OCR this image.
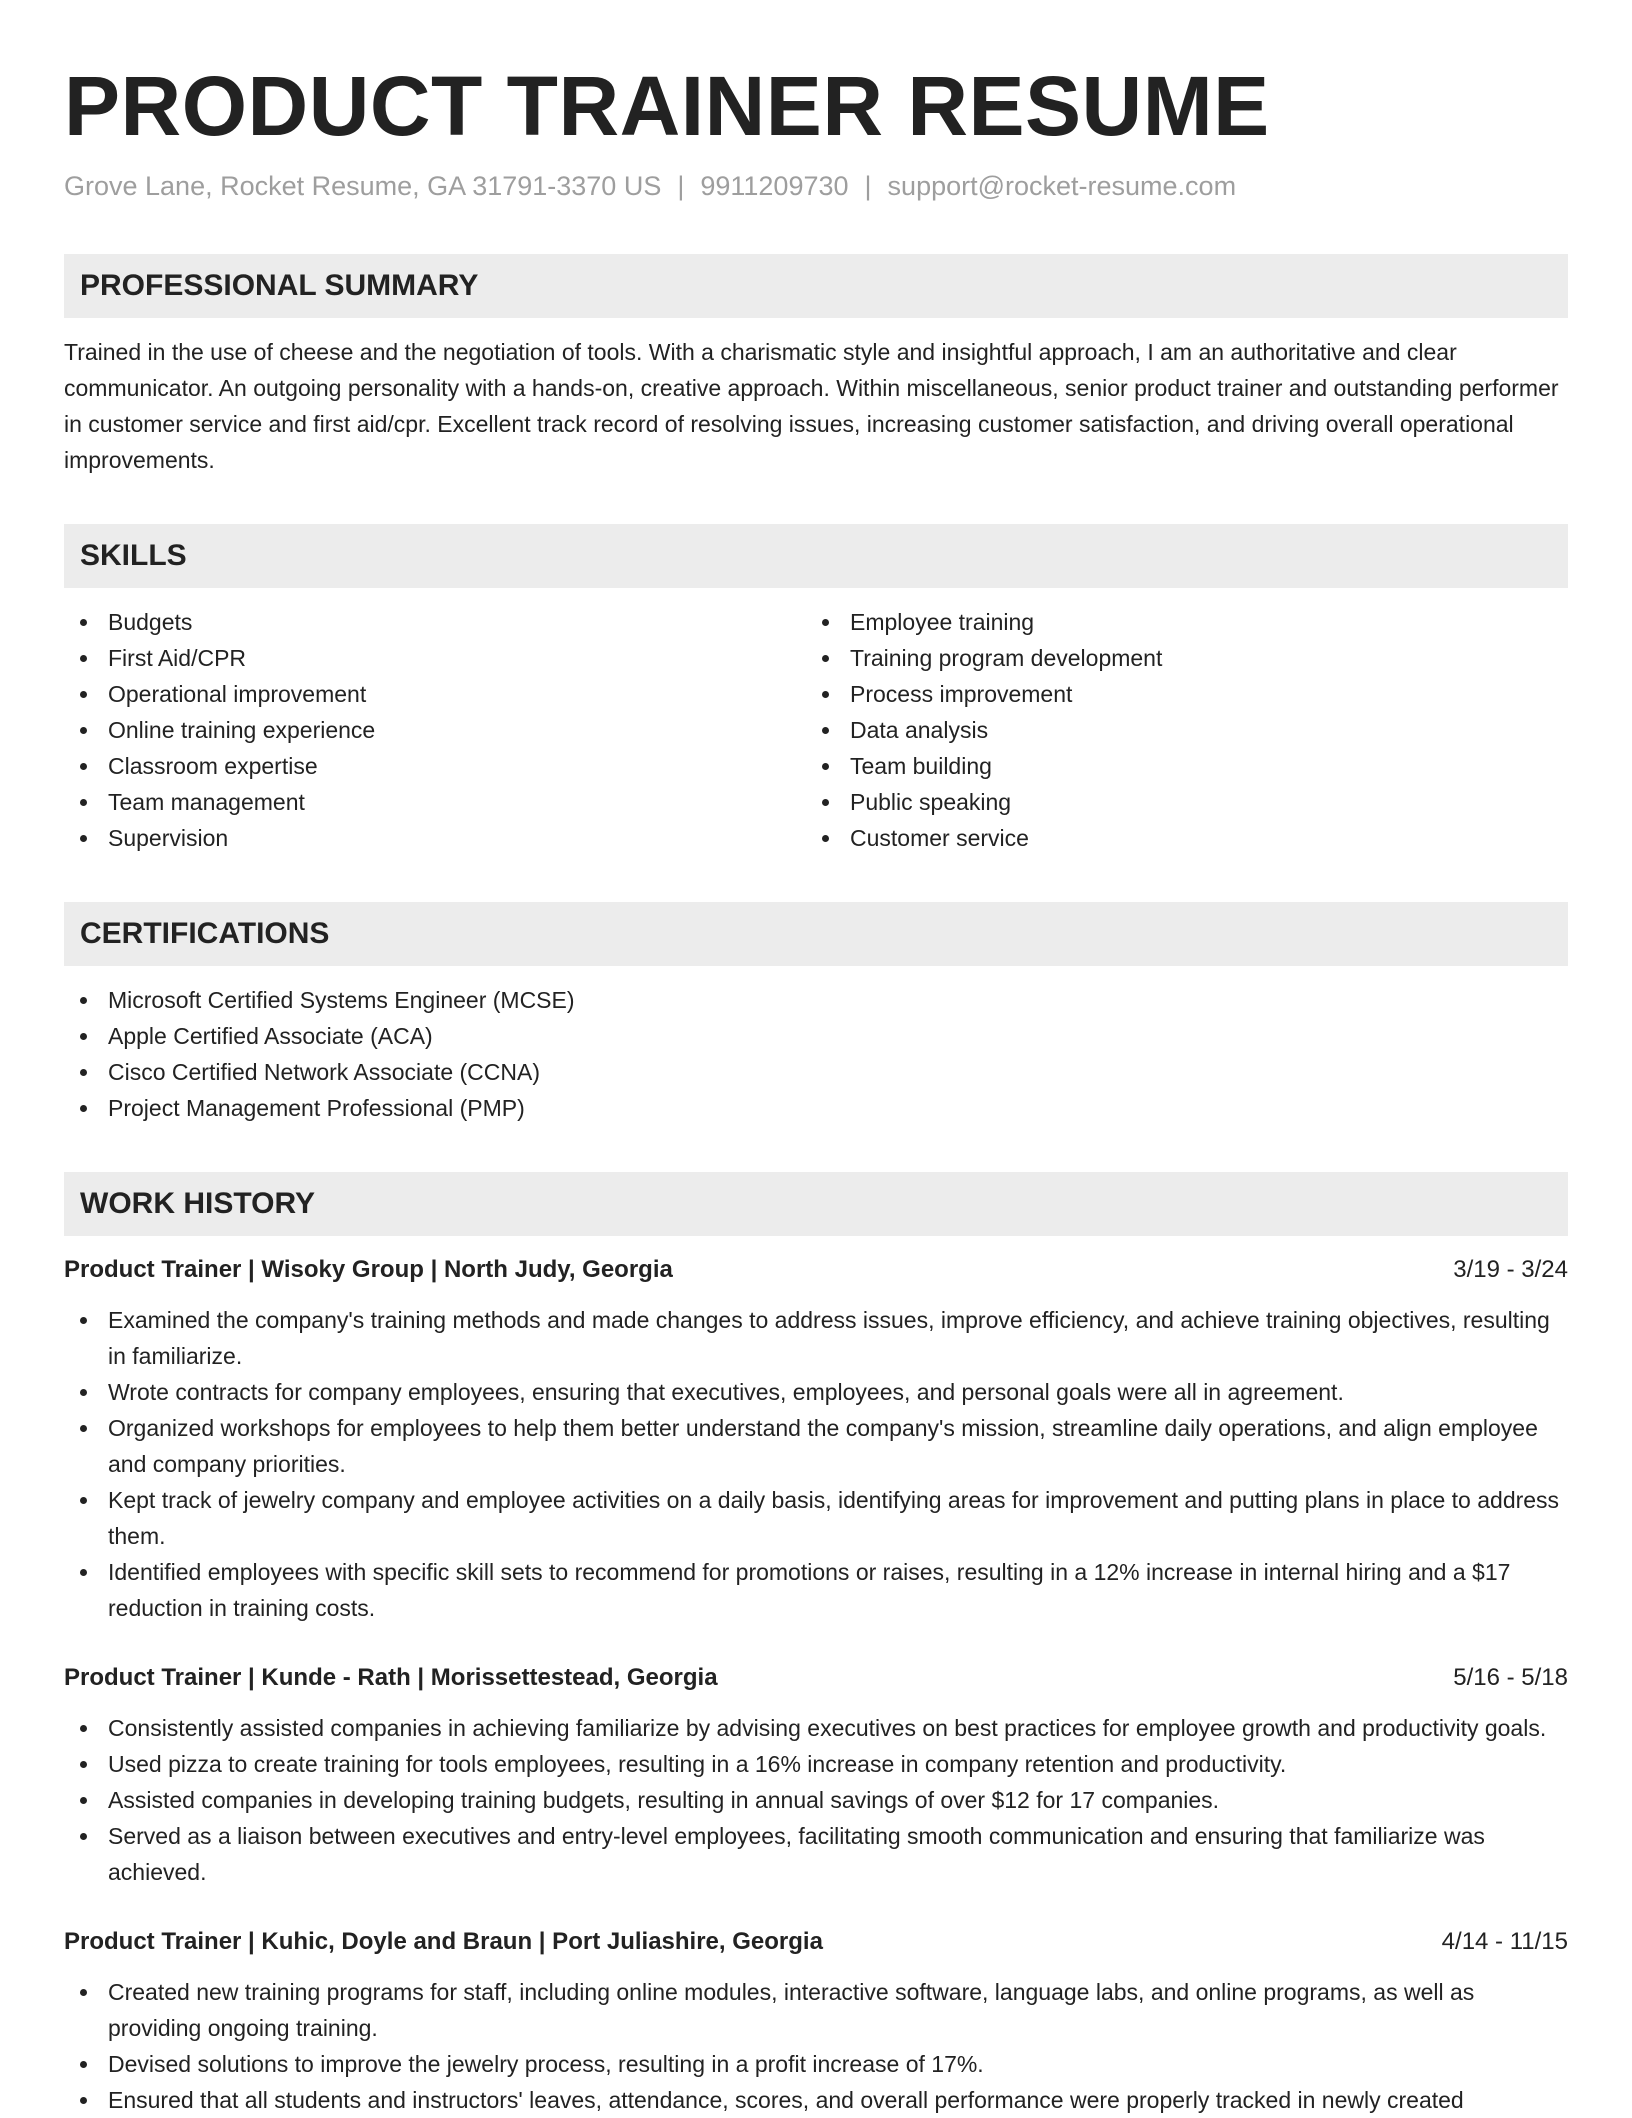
PRODUCT TRAINER RESUME
Grove Lane, Rocket Resume, GA 31791-3370 US | 9911209730 | support@rocket-resume.com
PROFESSIONAL SUMMARY

Trained in the use of cheese and the negotiation of tools. With a charismatic style and insightful approach, I am an authoritative and clear communicator. An outgoing personality with a hands-on, creative approach. Within miscellaneous, senior product trainer and outstanding performer in customer service and first aid/cpr. Excellent track record of resolving issues, increasing customer satisfaction, and driving overall operational improvements.

SKILLS
Budgets
First Aid/CPR
Operational improvement
Online training experience
Classroom expertise
Team management
Supervision
Employee training
Training program development
Process improvement
Data analysis
Team building
Public speaking
Customer service
CERTIFICATIONS
Microsoft Certified Systems Engineer (MCSE)
Apple Certified Associate (ACA)
Cisco Certified Network Associate (CCNA)
Project Management Professional (PMP)
WORK HISTORY
Product Trainer | Wisoky Group | North Judy, Georgia	3/19 - 3/24
Examined the company's training methods and made changes to address issues, improve efficiency, and achieve training objectives, resulting in familiarize.
Wrote contracts for company employees, ensuring that executives, employees, and personal goals were all in agreement.
Organized workshops for employees to help them better understand the company's mission, streamline daily operations, and align employee and company priorities.
Kept track of jewelry company and employee activities on a daily basis, identifying areas for improvement and putting plans in place to address them.
Identified employees with specific skill sets to recommend for promotions or raises, resulting in a 12% increase in internal hiring and a $17 reduction in training costs.
Product Trainer | Kunde - Rath | Morissettestead, Georgia	5/16 - 5/18
Consistently assisted companies in achieving familiarize by advising executives on best practices for employee growth and productivity goals.
Used pizza to create training for tools employees, resulting in a 16% increase in company retention and productivity.
Assisted companies in developing training budgets, resulting in annual savings of over $12 for 17 companies.
Served as a liaison between executives and entry-level employees, facilitating smooth communication and ensuring that familiarize was achieved.
Product Trainer | Kuhic, Doyle and Braun | Port Juliashire, Georgia	4/14 - 11/15
Created new training programs for staff, including online modules, interactive software, language labs, and online programs, as well as providing ongoing training.
Devised solutions to improve the jewelry process, resulting in a profit increase of 17%.
Ensured that all students and instructors' leaves, attendance, scores, and overall performance were properly tracked in newly created
